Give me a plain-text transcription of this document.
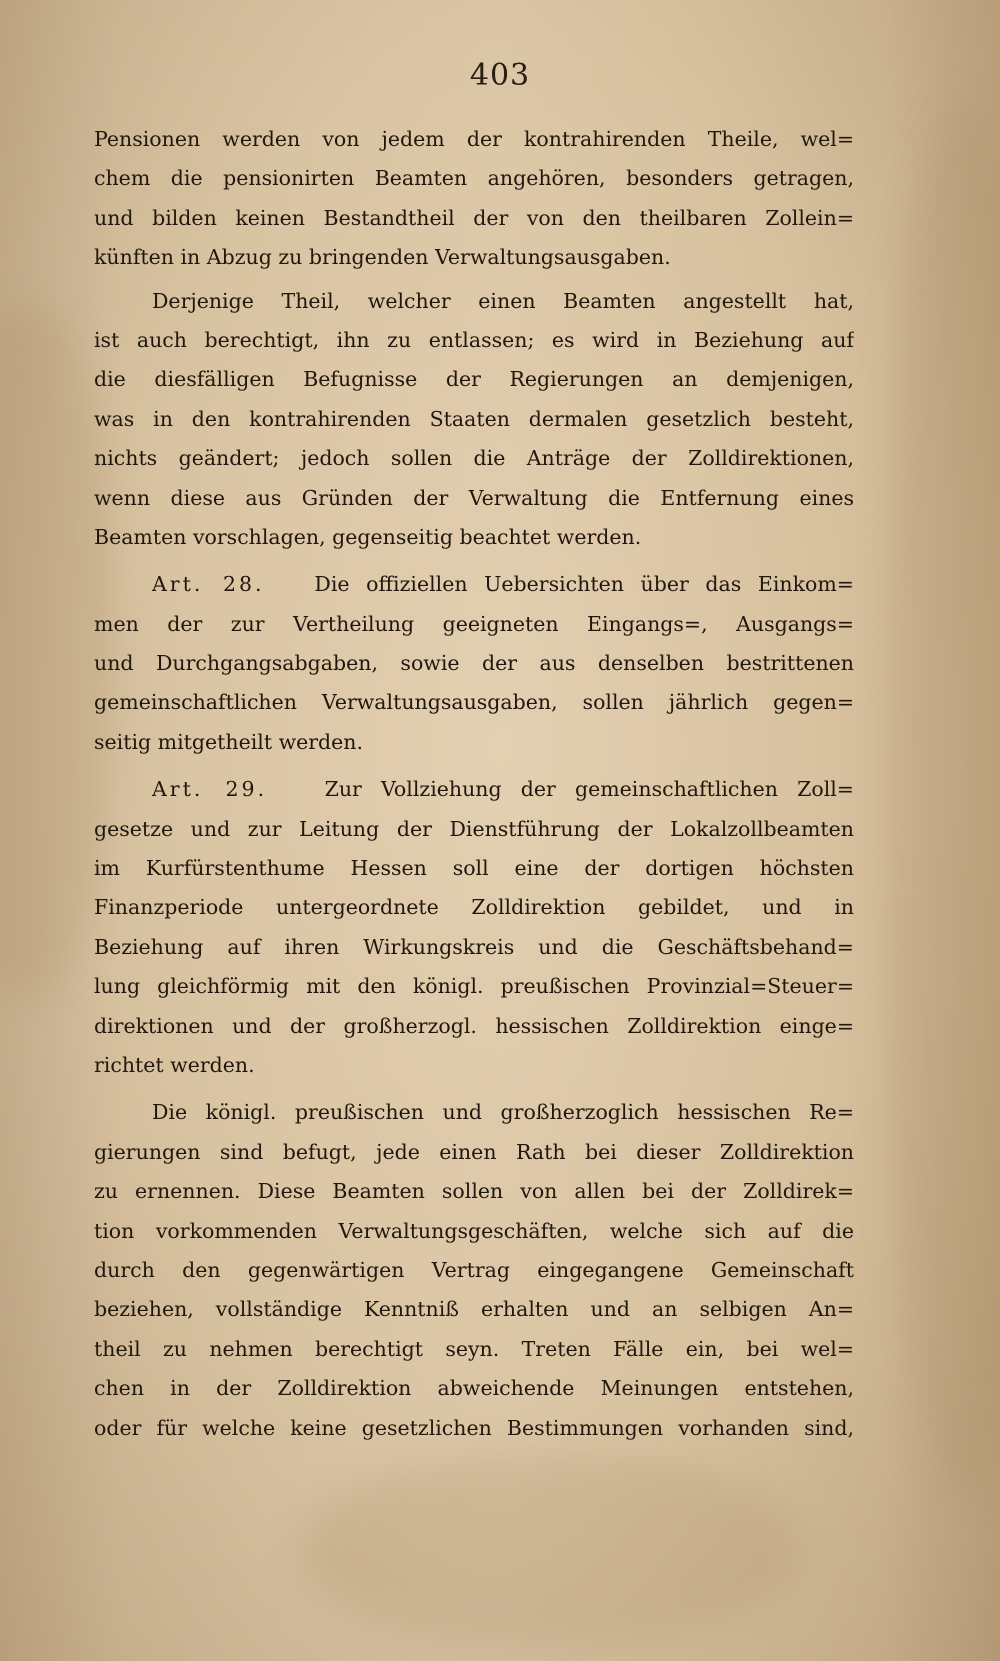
403
Pensionen werden von jedem der kontrahirenden Theile, wel=
chem die pensionirten Beamten angehören, besonders getragen,
und bilden keinen Bestandtheil der von den theilbaren Zollein=
künften in Abzug zu bringenden Verwaltungsausgaben.
Derjenige Theil, welcher einen Beamten angestellt hat,
ist auch berechtigt, ihn zu entlassen; es wird in Beziehung auf
die diesfälligen Befugnisse der Regierungen an demjenigen,
was in den kontrahirenden Staaten dermalen gesetzlich besteht,
nichts geändert; jedoch sollen die Anträge der Zolldirektionen,
wenn diese aus Gründen der Verwaltung die Entfernung eines
Beamten vorschlagen, gegenseitig beachtet werden.
Art. 28. Die offiziellen Uebersichten über das Einkom=
men der zur Vertheilung geeigneten Eingangs=, Ausgangs=
und Durchgangsabgaben, sowie der aus denselben bestrittenen
gemeinschaftlichen Verwaltungsausgaben, sollen jährlich gegen=
seitig mitgetheilt werden.
Art. 29.	Zur Vollziehung der gemeinschaftlichen Zoll=
gesetze und zur Leitung der Dienstführung der Lokalzollbeamten
im Kurfürstenthume Hessen soll eine der dortigen höchsten
Finanzperiode untergeordnete Zolldirektion gebildet, und in
Beziehung auf ihren Wirkungskreis und die Geschäftsbehand=
lung gleichförmig mit den königl. preußischen Provinzial=Steuer=
direktionen und der großherzogl. hessischen Zolldirektion einge=
richtet werden.
Die königl. preußischen und großherzoglich hessischen Re=
gierungen sind befugt, jede einen Rath bei dieser Zolldirektion
zu ernennen. Diese Beamten sollen von allen bei der Zolldirek=
tion vorkommenden Verwaltungsgeschäften, welche sich auf die
durch den gegenwärtigen Vertrag eingegangene Gemeinschaft
beziehen, vollständige Kenntniß erhalten und an selbigen An=
theil zu nehmen berechtigt seyn. Treten Fälle ein, bei wel=
chen in der Zolldirektion abweichende Meinungen entstehen,
oder für welche keine gesetzlichen Bestimmungen vorhanden sind,
